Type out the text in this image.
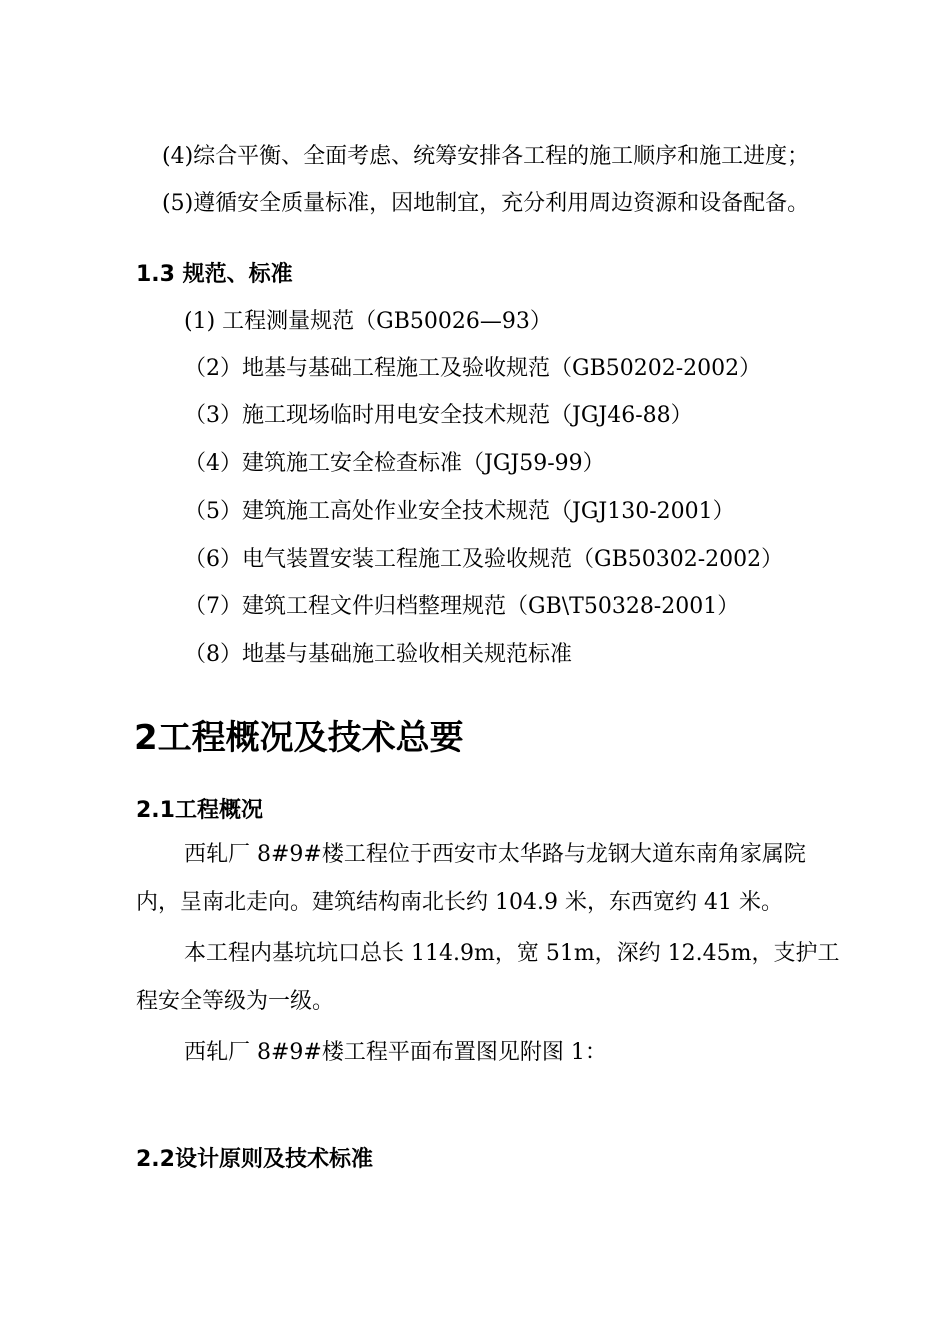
(4)综合平衡、全面考虑、统筹安排各工程的施工顺序和施工进度；
(5)遵循安全质量标准，因地制宜，充分利用周边资源和设备配备。
1.3 规范、标准
(1) 工程测量规范（GB50026—93）
（2）地基与基础工程施工及验收规范（GB50202-2002）
（3）施工现场临时用电安全技术规范（JGJ46-88）
（4）建筑施工安全检查标准（JGJ59-99）
（5）建筑施工高处作业安全技术规范（JGJ130-2001）
（6）电气装置安装工程施工及验收规范（GB50302-2002）
（7）建筑工程文件归档整理规范（GB\T50328-2001）
（8）地基与基础施工验收相关规范标准
2工程概况及技术总要
2.1工程概况
西轧厂 8#9#楼工程位于西安市太华路与龙钢大道东南角家属院
内，呈南北走向。建筑结构南北长约 104.9 米，东西宽约 41 米。
本工程内基坑坑口总长 114.9m，宽 51m，深约 12.45m，支护工
程安全等级为一级。
西轧厂 8#9#楼工程平面布置图见附图 1：
2.2设计原则及技术标准
